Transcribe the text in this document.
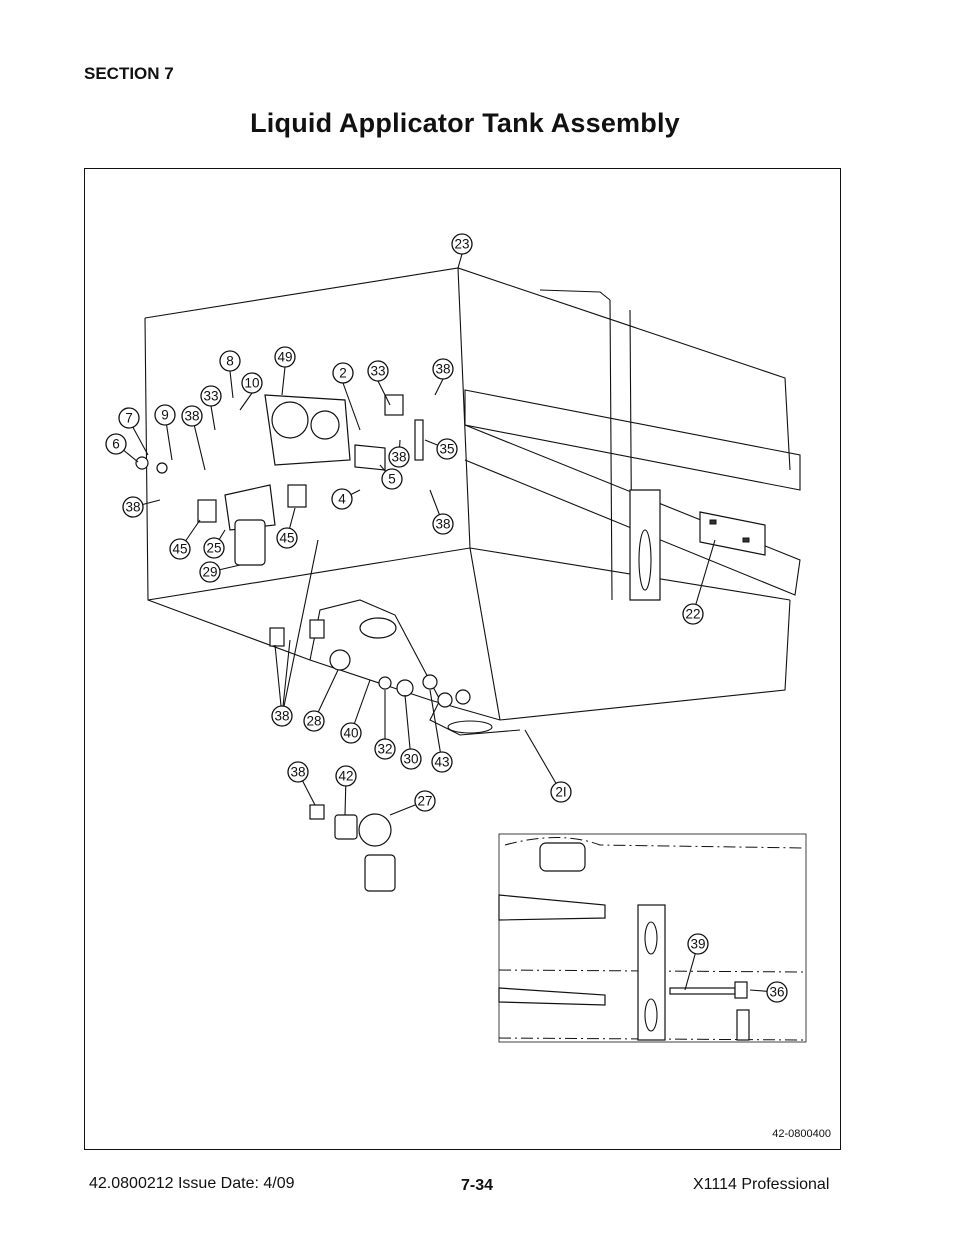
SECTION 7
Liquid Applicator Tank Assembly
23
8	49
2 33	38
10
33
7 9 38
6	35
38
5
4
38
38
45 25
45
29
22
38 28
40
32
30 43
2I
38 42
27
39
36
42-0800400
42.0800212 Issue Date: 4/09	7-34	X1114 Professional
